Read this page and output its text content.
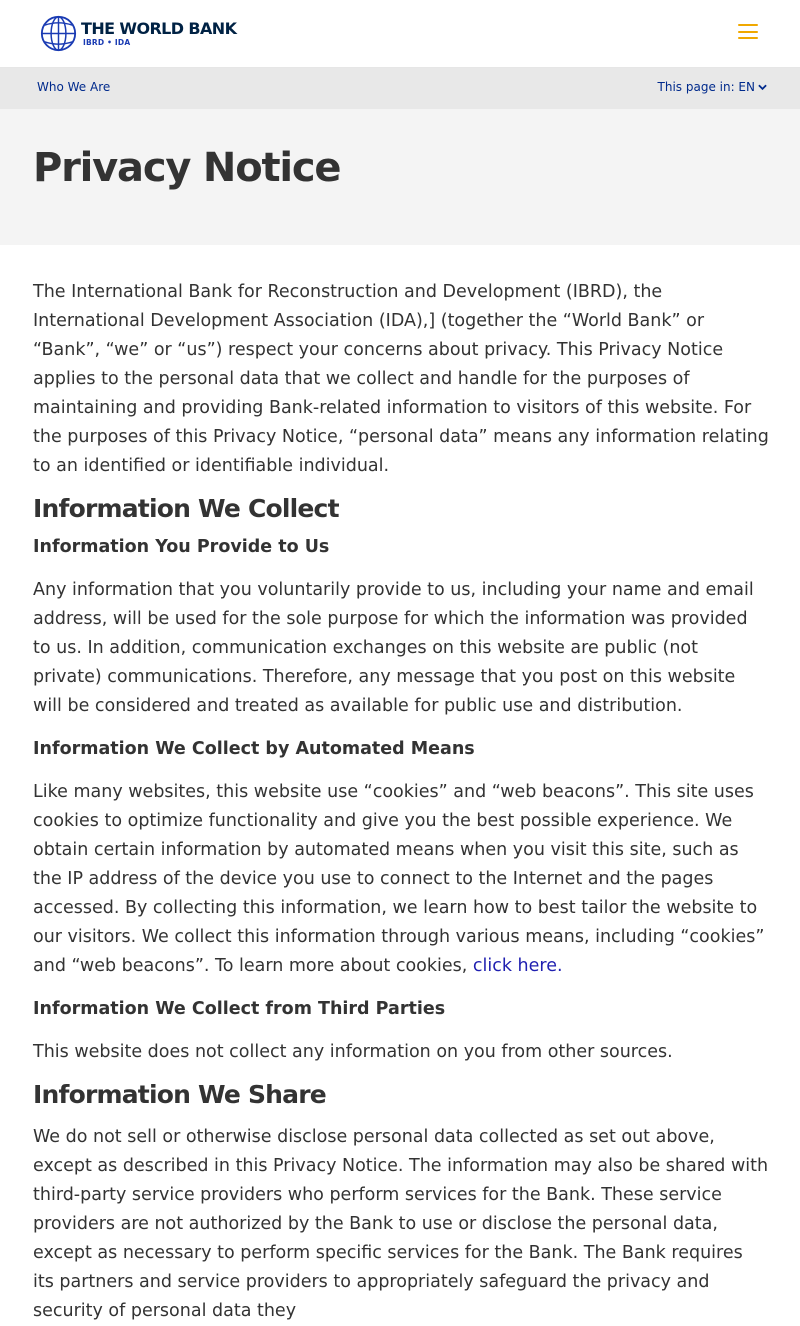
THE WORLD BANK
IBRD • IDA
Who We Are	This page in: EN
Privacy Notice

The International Bank for Reconstruction and Development (IBRD), the International Development Association (IDA),] (together the “World Bank” or “Bank”, “we” or “us”) respect your concerns about privacy. This Privacy Notice applies to the personal data that we collect and handle for the purposes of maintaining and providing Bank-related information to visitors of this website. For the purposes of this Privacy Notice, “personal data” means any information relating to an identified or identifiable individual.

Information We Collect
Information You Provide to Us

Any information that you voluntarily provide to us, including your name and email address, will be used for the sole purpose for which the information was provided to us. In addition, communication exchanges on this website are public (not private) communications. Therefore, any message that you post on this website will be considered and treated as available for public use and distribution.

Information We Collect by Automated Means

Like many websites, this website use “cookies” and “web beacons”. This site uses cookies to optimize functionality and give you the best possible experience. We obtain certain information by automated means when you visit this site, such as the IP address of the device you use to connect to the Internet and the pages accessed. By collecting this information, we learn how to best tailor the website to our visitors. We collect this information through various means, including “cookies” and “web beacons”. To learn more about cookies, click here.

Information We Collect from Third Parties

This website does not collect any information on you from other sources.

Information We Share

We do not sell or otherwise disclose personal data collected as set out above, except as described in this Privacy Notice. The information may also be shared with third-party service providers who perform services for the Bank. These service providers are not authorized by the Bank to use or disclose the personal data, except as necessary to perform specific services for the Bank. The Bank requires its partners and service providers to appropriately safeguard the privacy and security of personal data they
